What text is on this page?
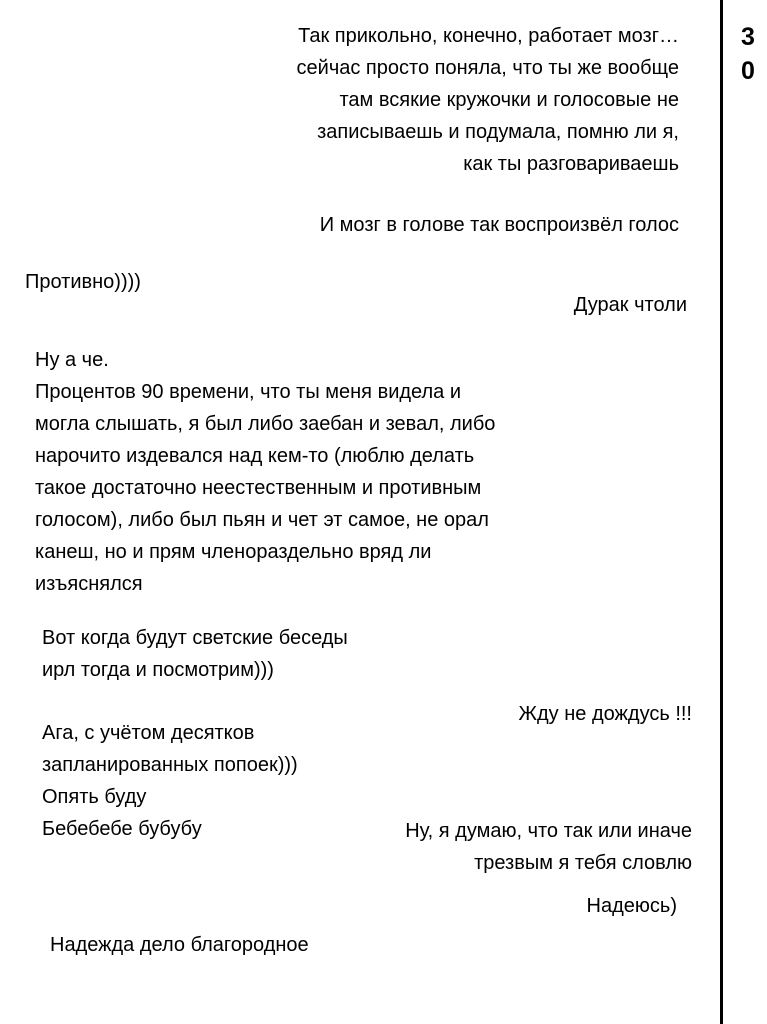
Так прикольно, конечно, работает мозг…
сейчас просто поняла, что ты же вообще
там всякие кружочки и голосовые не
записываешь и подумала, помню ли я,
как ты разговариваешь
И мозг в голове так воспроизвёл голос
Противно))))
Дурак чтоли
Ну а че.
Процентов 90 времени, что ты меня видела и
могла слышать, я был либо заебан и зевал, либо
нарочито издевался над кем-то (люблю делать
такое достаточно неестественным и противным
голосом), либо был пьян и чет эт самое, не орал
канеш, но и прям членораздельно вряд ли
изъяснялся
Вот когда будут светские беседы
ирл тогда и посмотрим)))
Жду не дождусь !!!
Ага, с учётом десятков
запланированных попоек)))
Опять буду
Бебебебе бубубу	Ну, я думаю, что так или иначе
трезвым я тебя словлю
Надеюсь)
Надежда дело благородное
3
0
